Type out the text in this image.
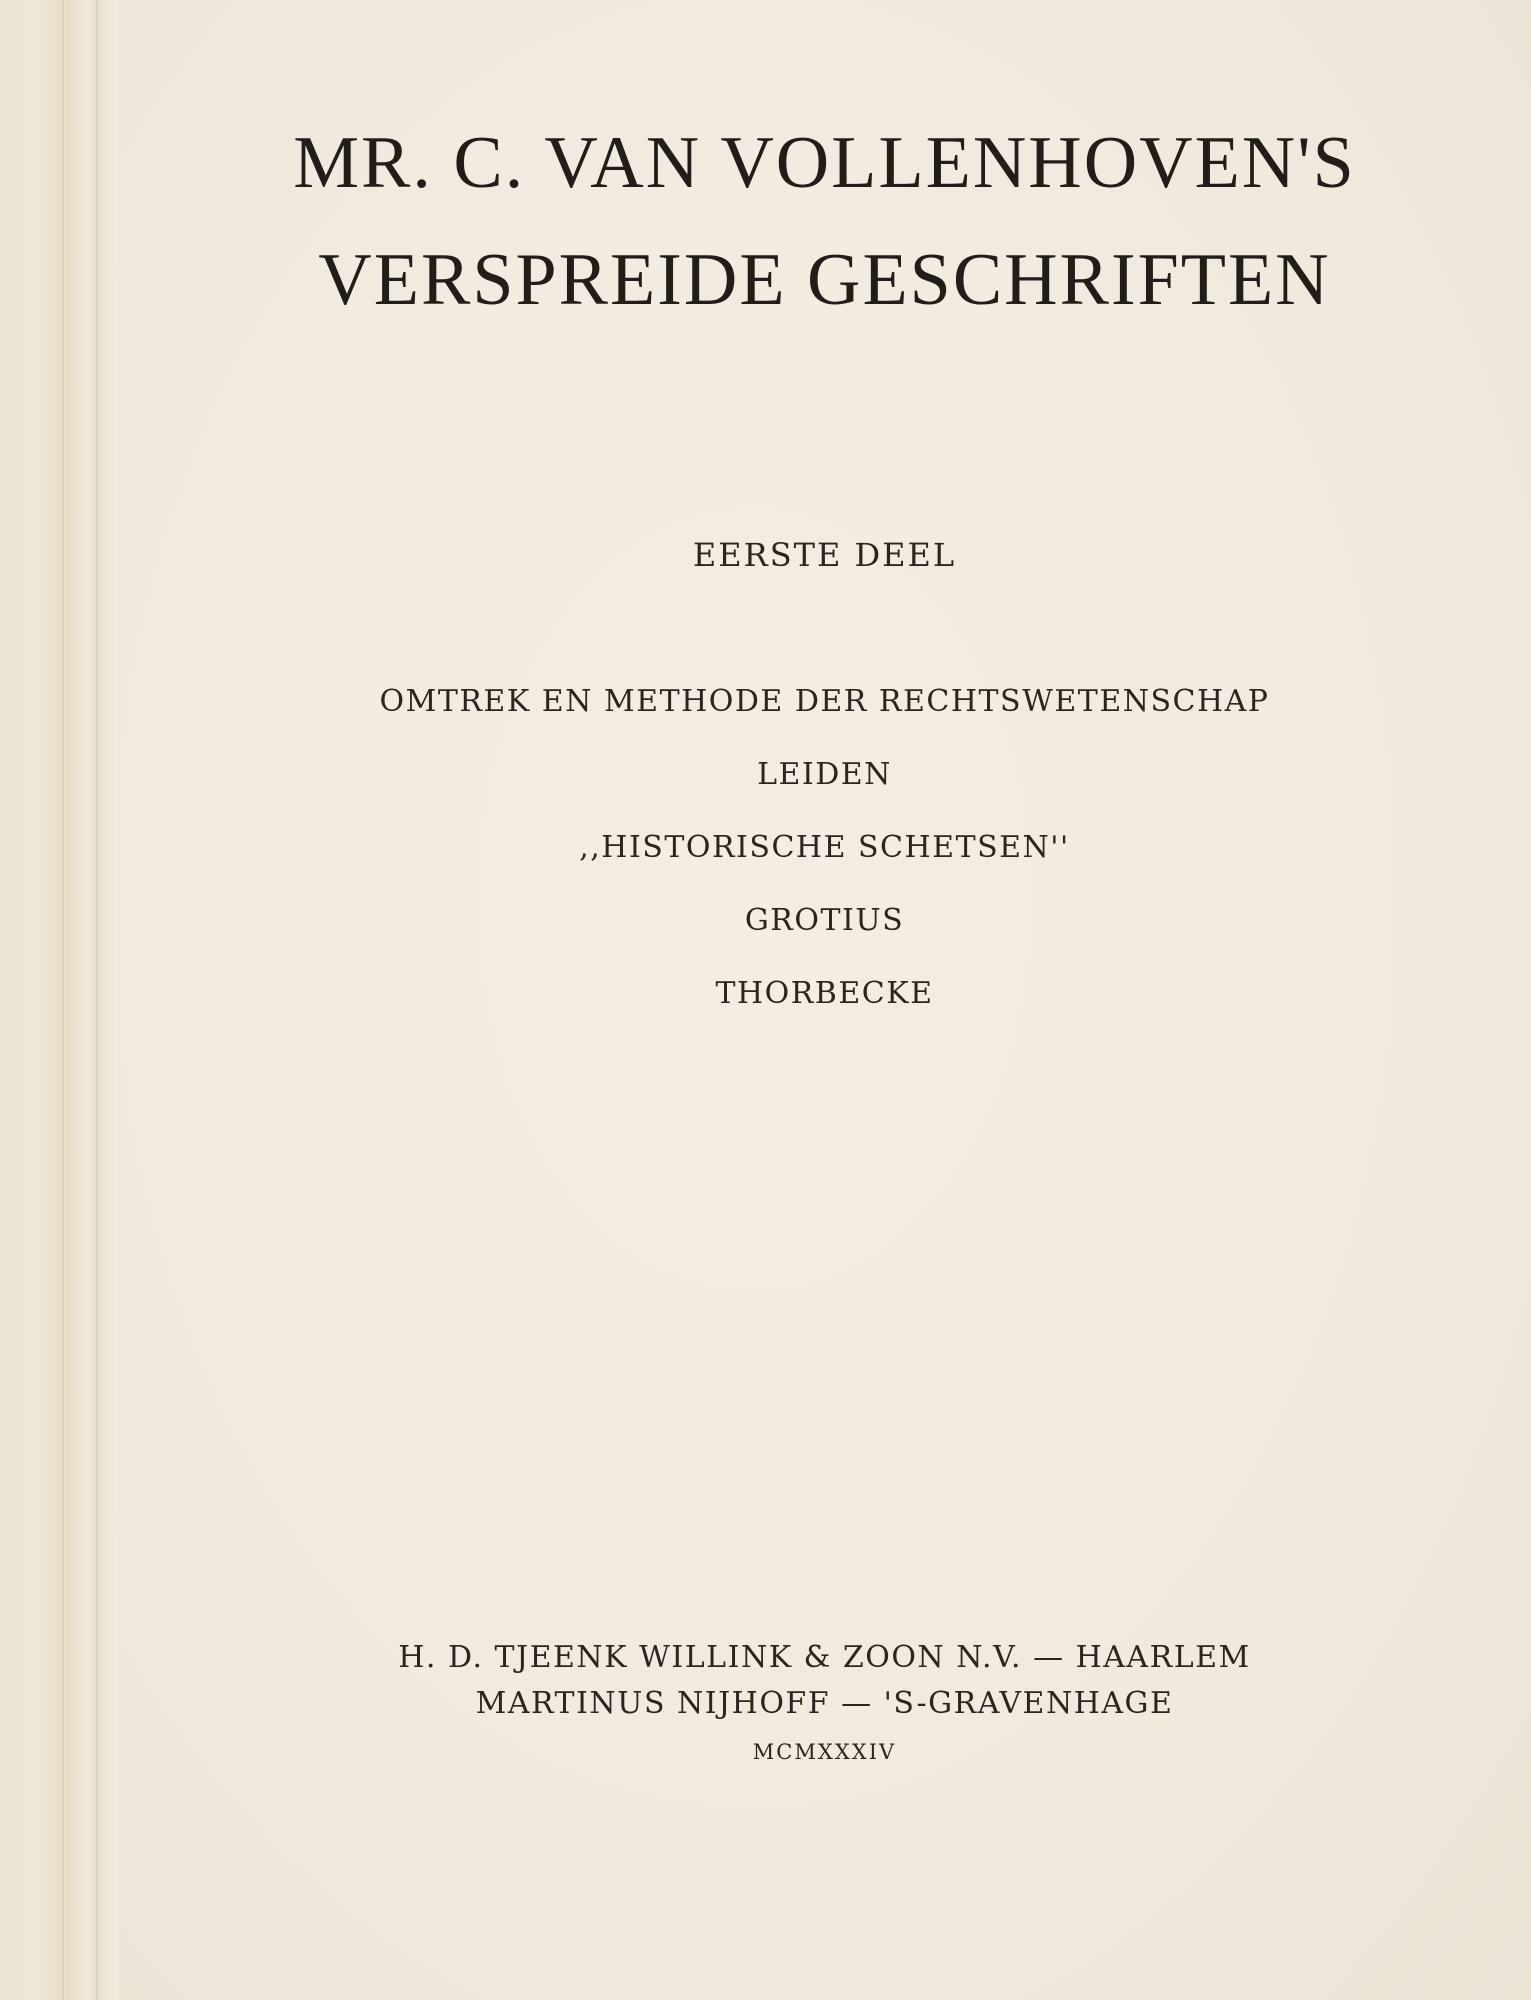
MR. C. VAN VOLLENHOVEN'S
VERSPREIDE GESCHRIFTEN
EERSTE DEEL
OMTREK EN METHODE DER RECHTSWETENSCHAP
LEIDEN
,,HISTORISCHE SCHETSEN''
GROTIUS
THORBECKE
H. D. TJEENK WILLINK & ZOON N.V. — HAARLEM
MARTINUS NIJHOFF — 'S-GRAVENHAGE
MCMXXXIV
